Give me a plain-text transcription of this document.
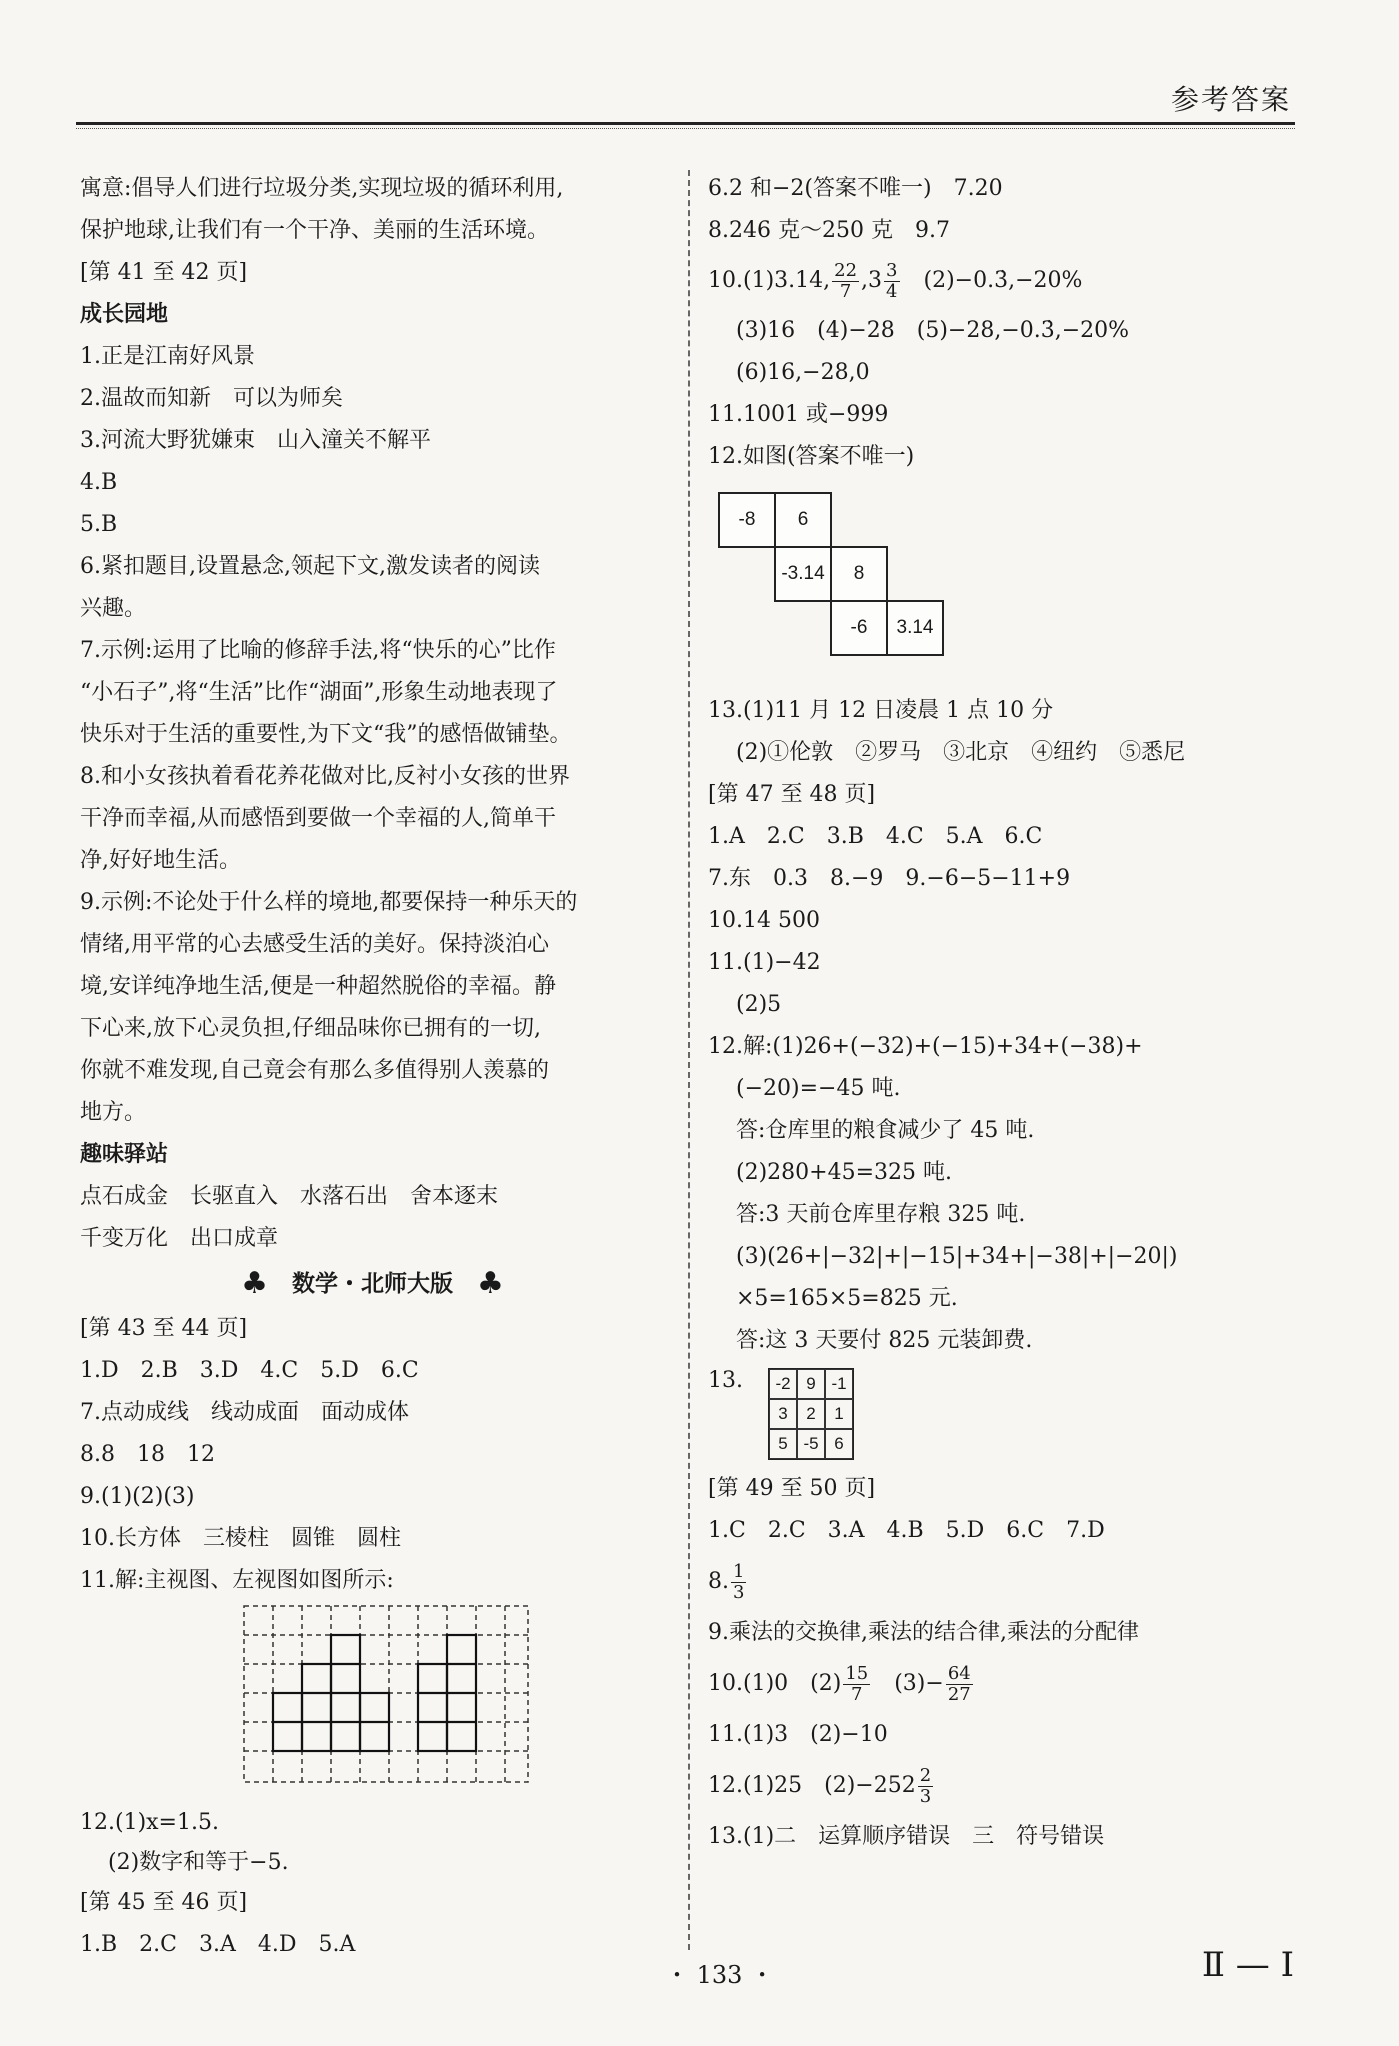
参考答案
寓意:倡导人们进行垃圾分类,实现垃圾的循环利用,
保护地球,让我们有一个干净、美丽的生活环境。
[第 41 至 42 页]
成长园地
1.正是江南好风景
2.温故而知新　可以为师矣
3.河流大野犹嫌束　山入潼关不解平
4.B
5.B
6.紧扣题目,设置悬念,领起下文,激发读者的阅读
兴趣。
7.示例:运用了比喻的修辞手法,将“快乐的心”比作
“小石子”,将“生活”比作“湖面”,形象生动地表现了
快乐对于生活的重要性,为下文“我”的感悟做铺垫。
8.和小女孩执着看花养花做对比,反衬小女孩的世界
干净而幸福,从而感悟到要做一个幸福的人,简单干
净,好好地生活。
9.示例:不论处于什么样的境地,都要保持一种乐天的
情绪,用平常的心去感受生活的美好。保持淡泊心
境,安详纯净地生活,便是一种超然脱俗的幸福。静
下心来,放下心灵负担,仔细品味你已拥有的一切,
你就不难发现,自己竟会有那么多值得别人羡慕的
地方。
趣味驿站
点石成金　长驱直入　水落石出　舍本逐末
千变万化　出口成章
♣ 数学・北师大版 ♣
[第 43 至 44 页]
1.D　2.B　3.D　4.C　5.D　6.C
7.点动成线　线动成面　面动成体
8.8　18　12
9.(1)(2)(3)
10.长方体　三棱柱　圆锥　圆柱
11.解:主视图、左视图如图所示:
12.(1)x=1.5.
(2)数字和等于−5.
[第 45 至 46 页]
1.B　2.C　3.A　4.D　5.A
6.2 和−2(答案不唯一)　7.20
8.246 克～250 克　9.7
10.(1)3.14, $\frac{22}{7} ,3 \frac{3}{4}$ 　(2)−0.3̇,−20%
(3)16　(4)−28　(5)−28,−0.3̇,−20%
(6)16,−28,0
11.1001 或−999
12.如图(答案不唯一)
-8	6
-3.14	8
-6	3.14
13.(1)11 月 12 日凌晨 1 点 10 分
(2)①伦敦　②罗马　③北京　④纽约　⑤悉尼
[第 47 至 48 页]
1.A　2.C　3.B　4.C　5.A　6.C
7.东　0.3　8.−9　9.−6−5−11+9
10.14 500
11.(1)−42
(2)5
12.解:(1)26+(−32)+(−15)+34+(−38)+
(−20)=−45 吨.
答:仓库里的粮食减少了 45 吨.
(2)280+45=325 吨.
答:3 天前仓库里存粮 325 吨.
(3)(26+|−32|+|−15|+34+|−38|+|−20|)
×5=165×5=825 元.
答:这 3 天要付 825 元装卸费.
13.	-2 9 -1
3	2	1
5 -5 6
[第 49 至 50 页]
1.C　2.C　3.A　4.B　5.D　6.C　7.D
8. $\frac{1}{3}$
9.乘法的交换律,乘法的结合律,乘法的分配律
10.(1)0　$(2) \frac{15}{7}$ 　$(3)- \frac{64}{27}$
11.(1)3　(2)−10
12.(1)25　$(2)-252 \frac{2}{3}$
13.(1)二　运算顺序错误　三　符号错误
・ 133 ・	Ⅱ — Ⅰ
